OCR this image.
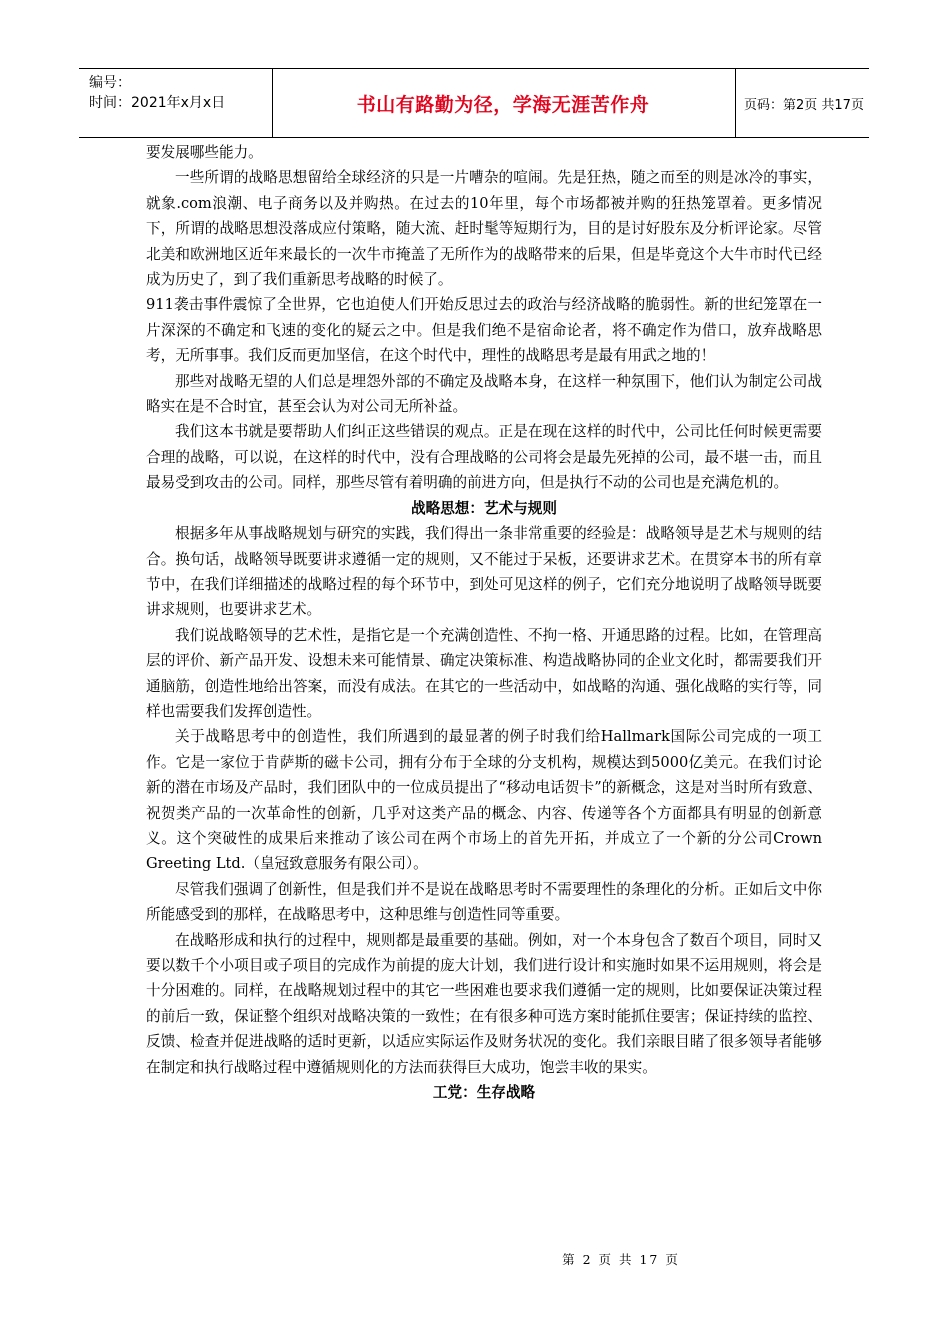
编号：
时间：2021年x月x日	书山有路勤为径，学海无涯苦作舟	页码：第2页 共17页

要发展哪些能力。

一些所谓的战略思想留给全球经济的只是一片嘈杂的喧闹。先是狂热，随之而至的则是冰冷的事实，就象.com浪潮、电子商务以及并购热。在过去的10年里，每个市场都被并购的狂热笼罩着。更多情况下，所谓的战略思想没落成应付策略，随大流、赶时髦等短期行为，目的是讨好股东及分析评论家。尽管北美和欧洲地区近年来最长的一次牛市掩盖了无所作为的战略带来的后果，但是毕竟这个大牛市时代已经成为历史了，到了我们重新思考战略的时候了。

911袭击事件震惊了全世界，它也迫使人们开始反思过去的政治与经济战略的脆弱性。新的世纪笼罩在一片深深的不确定和飞速的变化的疑云之中。但是我们绝不是宿命论者，将不确定作为借口，放弃战略思考，无所事事。我们反而更加坚信，在这个时代中，理性的战略思考是最有用武之地的！

那些对战略无望的人们总是埋怨外部的不确定及战略本身，在这样一种氛围下，他们认为制定公司战略实在是不合时宜，甚至会认为对公司无所补益。

我们这本书就是要帮助人们纠正这些错误的观点。正是在现在这样的时代中，公司比任何时候更需要合理的战略，可以说，在这样的时代中，没有合理战略的公司将会是最先死掉的公司，最不堪一击，而且最易受到攻击的公司。同样，那些尽管有着明确的前进方向，但是执行不动的公司也是充满危机的。

战略思想：艺术与规则

根据多年从事战略规划与研究的实践，我们得出一条非常重要的经验是：战略领导是艺术与规则的结合。换句话，战略领导既要讲求遵循一定的规则，又不能过于呆板，还要讲求艺术。在贯穿本书的所有章节中，在我们详细描述的战略过程的每个环节中，到处可见这样的例子，它们充分地说明了战略领导既要讲求规则，也要讲求艺术。

我们说战略领导的艺术性，是指它是一个充满创造性、不拘一格、开通思路的过程。比如，在管理高层的评价、新产品开发、设想未来可能情景、确定决策标准、构造战略协同的企业文化时，都需要我们开通脑筋，创造性地给出答案，而没有成法。在其它的一些活动中，如战略的沟通、强化战略的实行等，同样也需要我们发挥创造性。

关于战略思考中的创造性，我们所遇到的最显著的例子时我们给Hallmark国际公司完成的一项工作。它是一家位于肯萨斯的磁卡公司，拥有分布于全球的分支机构，规模达到5000亿美元。在我们讨论新的潜在市场及产品时，我们团队中的一位成员提出了“移动电话贺卡”的新概念，这是对当时所有致意、祝贺类产品的一次革命性的创新，几乎对这类产品的概念、内容、传递等各个方面都具有明显的创新意义。这个突破性的成果后来推动了该公司在两个市场上的首先开拓，并成立了一个新的分公司Crown Greeting Ltd.（皇冠致意服务有限公司）。

尽管我们强调了创新性，但是我们并不是说在战略思考时不需要理性的条理化的分析。正如后文中你所能感受到的那样，在战略思考中，这种思维与创造性同等重要。

在战略形成和执行的过程中，规则都是最重要的基础。例如，对一个本身包含了数百个项目，同时又要以数千个小项目或子项目的完成作为前提的庞大计划，我们进行设计和实施时如果不运用规则，将会是十分困难的。同样，在战略规划过程中的其它一些困难也要求我们遵循一定的规则，比如要保证决策过程的前后一致，保证整个组织对战略决策的一致性；在有很多种可选方案时能抓住要害；保证持续的监控、反馈、检查并促进战略的适时更新，以适应实际运作及财务状况的变化。我们亲眼目睹了很多领导者能够在制定和执行战略过程中遵循规则化的方法而获得巨大成功，饱尝丰收的果实。

工党：生存战略
第 2 页 共 17 页
